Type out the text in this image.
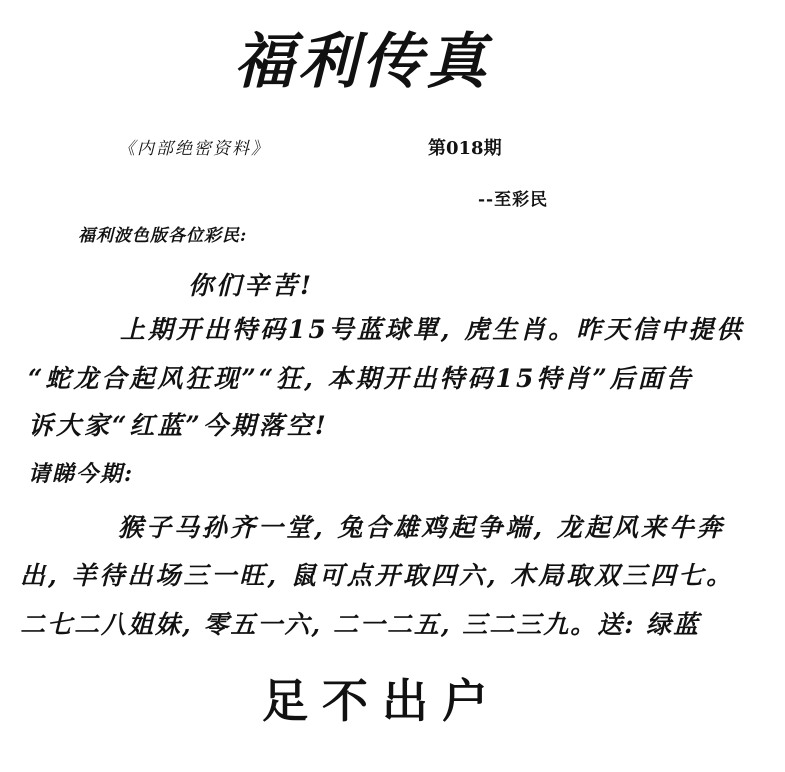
福利传真
《内部绝密资料》	第018期
--至彩民
福利波色版各位彩民:
你们辛苦!
上期开出特码15号蓝球單, 虎生肖。昨天信中提供
“蛇龙合起风狂现”“狂, 本期开出特码15特肖”后面告
诉大家“红蓝”今期落空!
请睇今期:
猴子马孙齐一堂, 兔合雄鸡起争端, 龙起风来牛奔
出, 羊待出场三一旺, 鼠可点开取四六, 木局取双三四七。
二七二八姐妹, 零五一六, 二一二五, 三二三九。送: 绿蓝
足不出户
